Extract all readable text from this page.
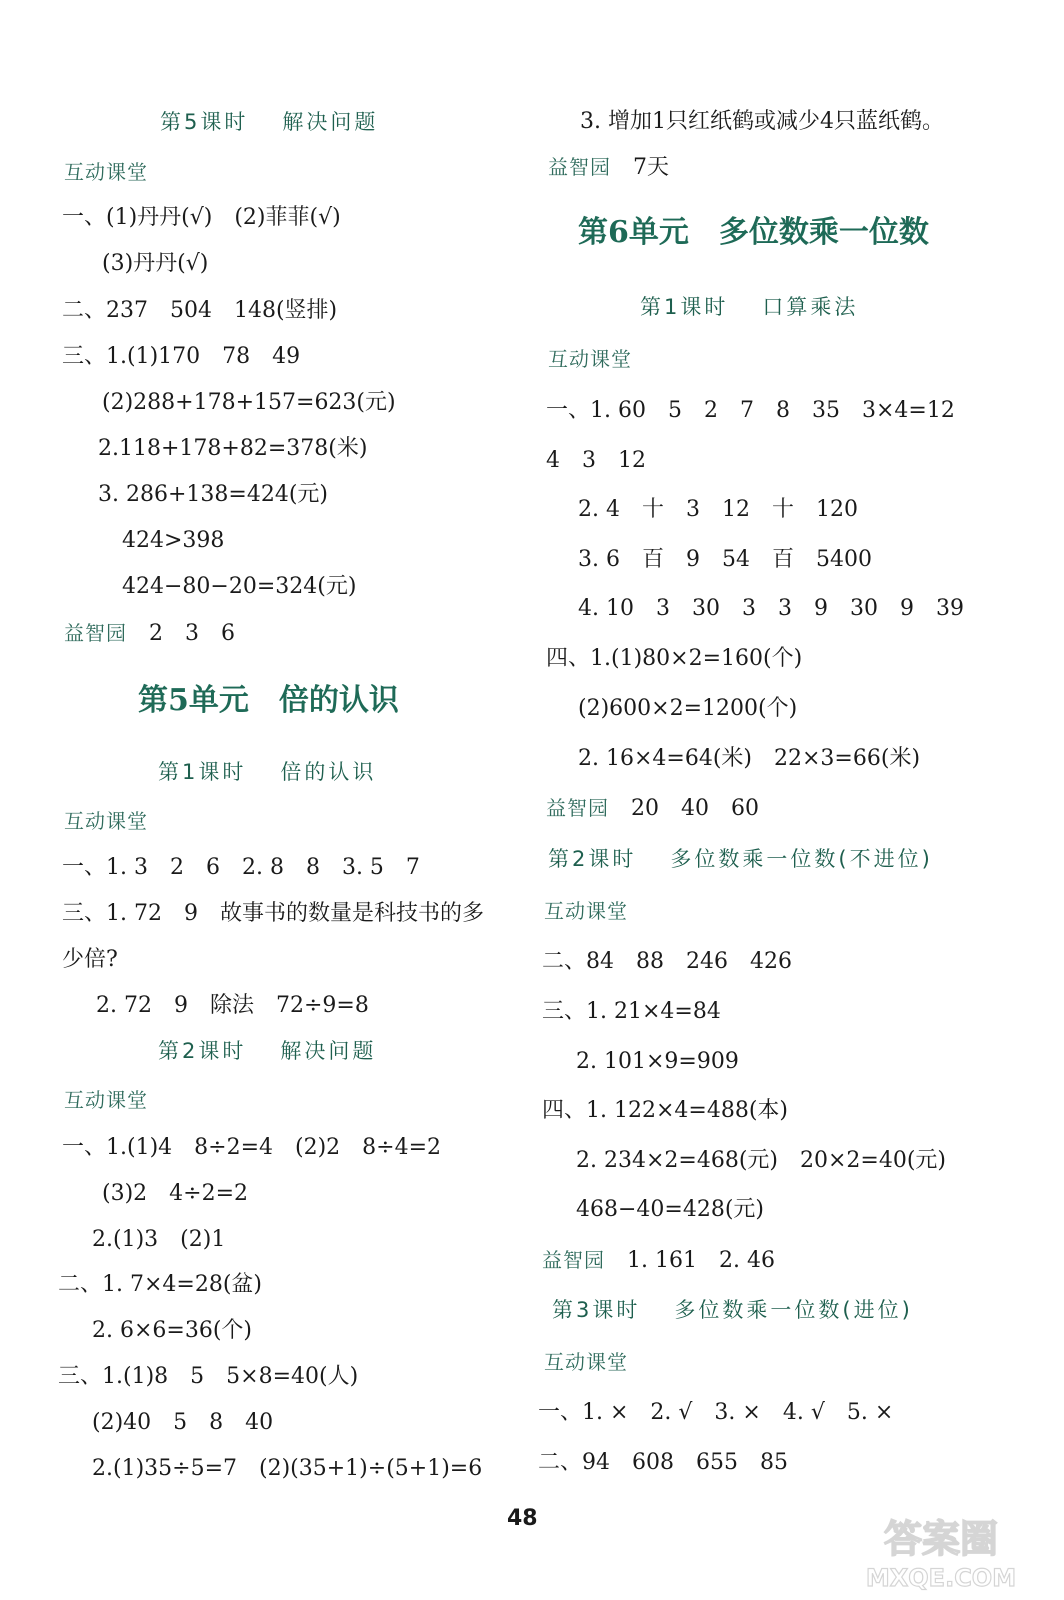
第5课时 解决问题
互动课堂
一、(1)丹丹(√)　(2)菲菲(√)
(3)丹丹(√)
二、237　504　148(竖排)
三、1.(1)170　78　49
(2)288+178+157=623(元)
2.118+178+82=378(米)
3. 286+138=424(元)
424>398
424−80−20=324(元)
益智园　 2　3　6
第5单元 倍的认识
第1课时 倍的认识
互动课堂
一、1. 3　2　6　2. 8　8　3. 5　7
三、1. 72　9　故事书的数量是科技书的多
少倍?
2. 72　9　除法　72÷9=8
第2课时 解决问题
互动课堂
一、1.(1)4　8÷2=4　(2)2　8÷4=2
(3)2　4÷2=2
2.(1)3　(2)1
二、1. 7×4=28(盆)
2. 6×6=36(个)
三、1.(1)8　5　5×8=40(人)
(2)40　5　8　40
2.(1)35÷5=7　(2)(35+1)÷(5+1)=6
3. 增加1只红纸鹤或减少4只蓝纸鹤。
益智园　 7天
第6单元 多位数乘一位数
第1课时 口算乘法
互动课堂
一、1. 60　5　2　7　8　35　3×4=12
4　3　12
2. 4　十　3　12　十　120
3. 6　百　9　54　百　5400
4. 10　3　30　3　3　9　30　9　39
四、1.(1)80×2=160(个)
(2)600×2=1200(个)
2. 16×4=64(米)　22×3=66(米)
益智园　 20　40　60
第2课时 多位数乘一位数(不进位)
互动课堂
二、84　88　246　426
三、1. 21×4=84
2. 101×9=909
四、1. 122×4=488(本)
2. 234×2=468(元)　20×2=40(元)
468−40=428(元)
益智园　 1. 161　2. 46
第3课时 多位数乘一位数(进位)
互动课堂
一、1. ×　2. √　3. ×　4. √　5. ×
二、94　608　655　85
48	答案圈
MXQE.COM
